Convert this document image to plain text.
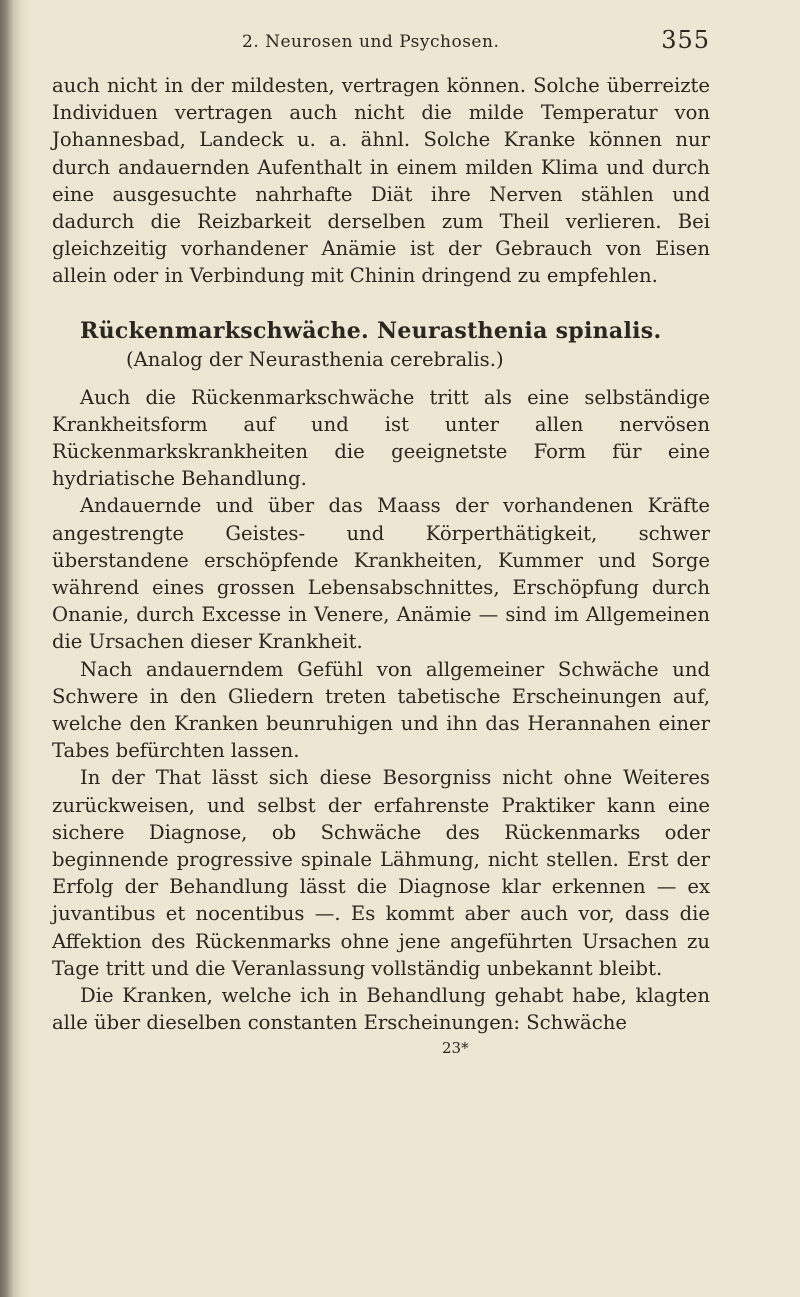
2. Neurosen und Psychosen.	355

auch nicht in der mildesten, vertragen können. Solche überreizte Individuen vertragen auch nicht die milde Temperatur von Johannesbad, Landeck u. a. ähnl. Solche Kranke können nur durch andauernden Aufenthalt in einem milden Klima und durch eine ausgesuchte nahrhafte Diät ihre Nerven stählen und dadurch die Reizbarkeit derselben zum Theil verlieren. Bei gleichzeitig vorhandener Anämie ist der Gebrauch von Eisen allein oder in Verbindung mit Chinin dringend zu empfehlen.

Rückenmarkschwäche. Neurasthenia spinalis.
(Analog der Neurasthenia cerebralis.)

Auch die Rückenmarkschwäche tritt als eine selbständige Krankheitsform auf und ist unter allen nervösen Rückenmarkskrankheiten die geeignetste Form für eine hydriatische Behandlung.

Andauernde und über das Maass der vorhandenen Kräfte angestrengte Geistes- und Körperthätigkeit, schwer überstandene erschöpfende Krankheiten, Kummer und Sorge während eines grossen Lebensabschnittes, Erschöpfung durch Onanie, durch Excesse in Venere, Anämie — sind im Allgemeinen die Ursachen dieser Krankheit.

Nach andauerndem Gefühl von allgemeiner Schwäche und Schwere in den Gliedern treten tabetische Erscheinungen auf, welche den Kranken beunruhigen und ihn das Herannahen einer Tabes befürchten lassen.

In der That lässt sich diese Besorgniss nicht ohne Weiteres zurückweisen, und selbst der erfahrenste Praktiker kann eine sichere Diagnose, ob Schwäche des Rückenmarks oder beginnende progressive spinale Lähmung, nicht stellen. Erst der Erfolg der Behandlung lässt die Diagnose klar erkennen — ex juvantibus et nocentibus —. Es kommt aber auch vor, dass die Affektion des Rückenmarks ohne jene angeführten Ursachen zu Tage tritt und die Veranlassung vollständig unbekannt bleibt.

Die Kranken, welche ich in Behandlung gehabt habe, klagten alle über dieselben constanten Erscheinungen: Schwäche

23*
